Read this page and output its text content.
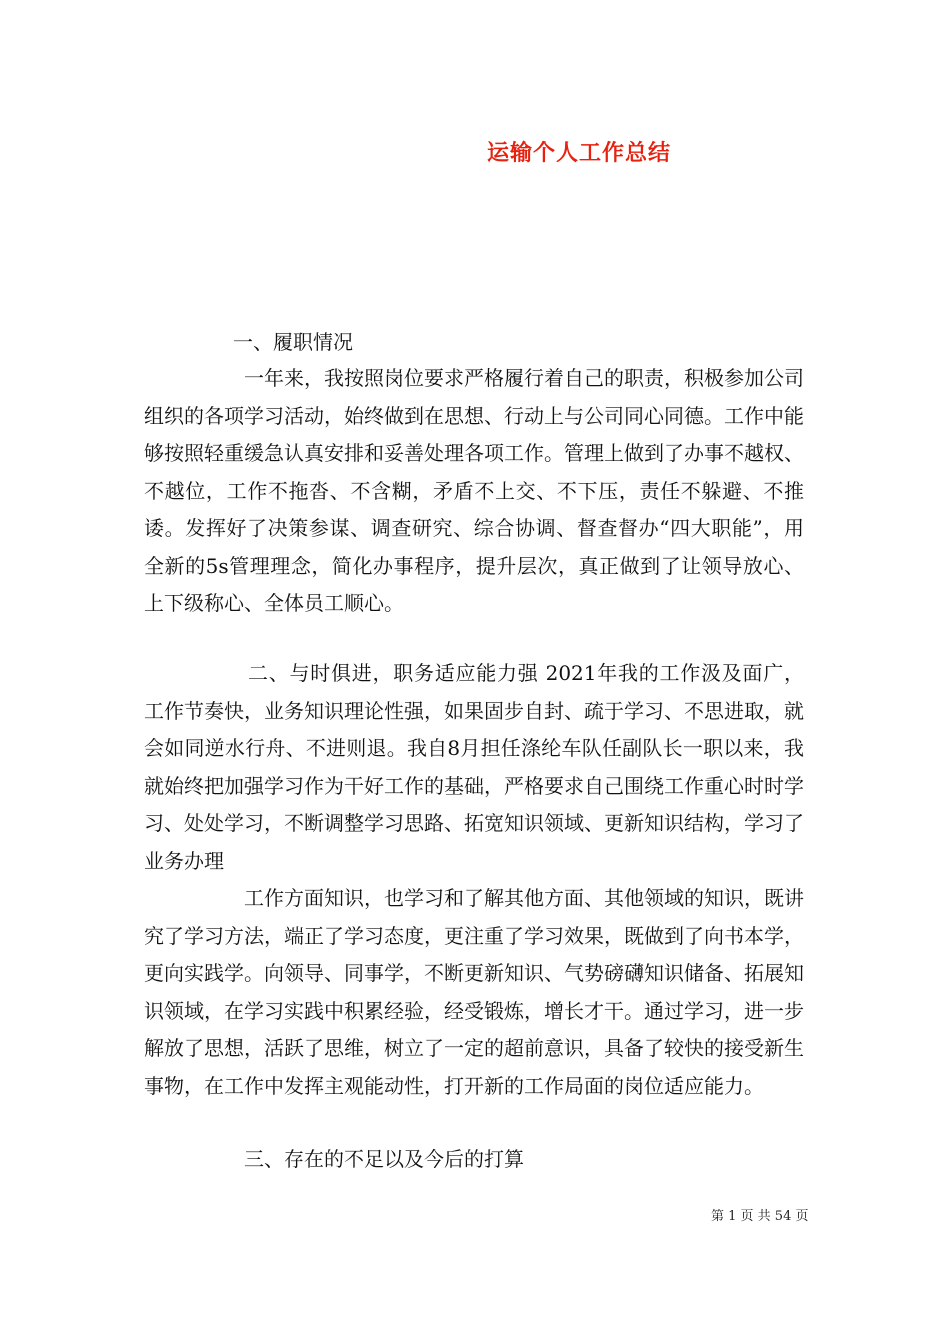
运输个人工作总结
一、履职情况

一年来，我按照岗位要求严格履行着自己的职责，积极参加公司组织的各项学习活动，始终做到在思想、行动上与公司同心同德。工作中能够按照轻重缓急认真安排和妥善处理各项工作。管理上做到了办事不越权、不越位，工作不拖沓、不含糊，矛盾不上交、不下压，责任不躲避、不推诿。发挥好了决策参谋、调查研究、综合协调、督查督办“四大职能”，用全新的5s管理理念，简化办事程序，提升层次，真正做到了让领导放心、上下级称心、全体员工顺心。

二、与时俱进，职务适应能力强 2021年我的工作汲及面广，工作节奏快，业务知识理论性强，如果固步自封、疏于学习、不思进取，就会如同逆水行舟、不进则退。我自8月担任涤纶车队任副队长一职以来，我就始终把加强学习作为干好工作的基础，严格要求自己围绕工作重心时时学习、处处学习，不断调整学习思路、拓宽知识领域、更新知识结构，学习了业务办理

工作方面知识，也学习和了解其他方面、其他领域的知识，既讲究了学习方法，端正了学习态度，更注重了学习效果，既做到了向书本学，更向实践学。向领导、同事学，不断更新知识、气势磅礴知识储备、拓展知识领域，在学习实践中积累经验，经受锻炼，增长才干。通过学习，进一步解放了思想，活跃了思维，树立了一定的超前意识，具备了较快的接受新生事物，在工作中发挥主观能动性，打开新的工作局面的岗位适应能力。

三、存在的不足以及今后的打算
第 1 页 共 54 页
